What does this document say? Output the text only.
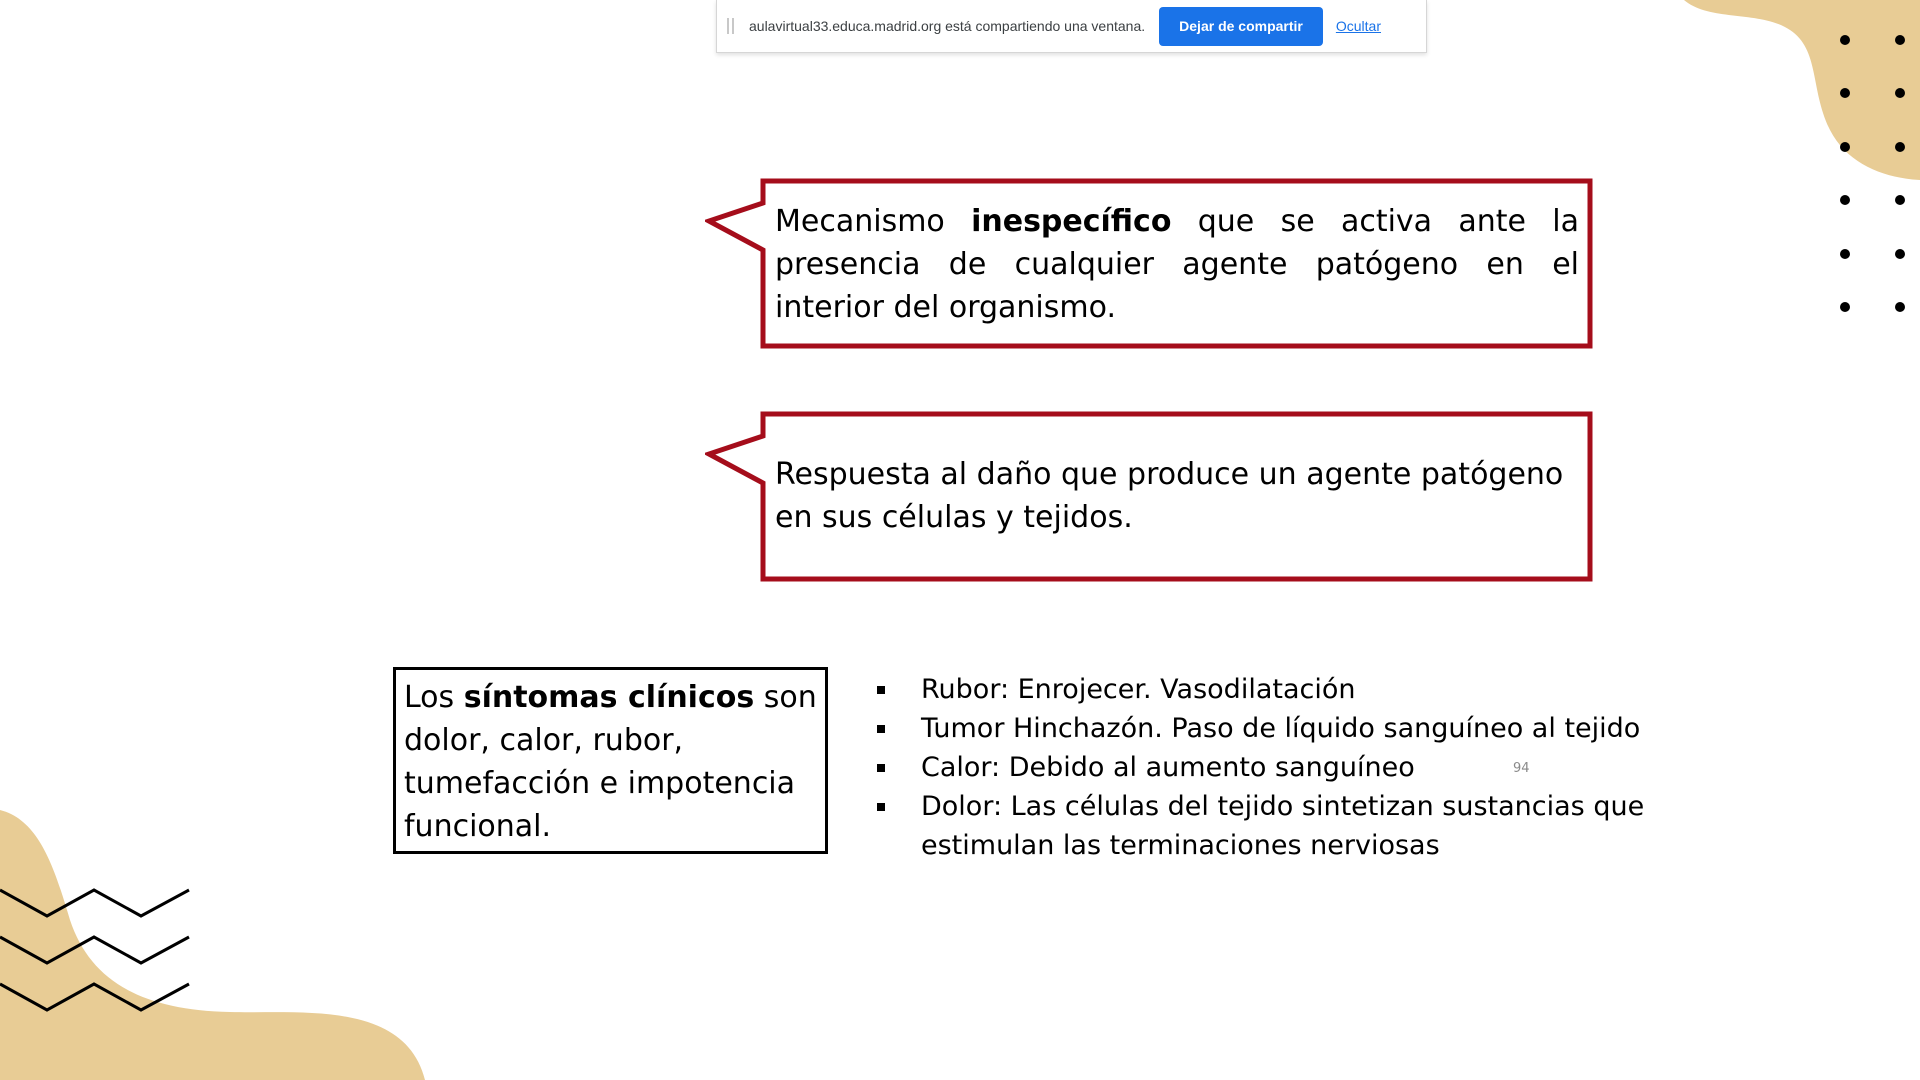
aulavirtual33.educa.madrid.org está compartiendo una ventana.	Dejar de compartir	Ocultar
Mecanismo inespecífico que se activa ante la presencia de cualquier agente patógeno en el interior del organismo.
Respuesta al daño que produce un agente patógeno en sus células y tejidos.
Los síntomas clínicos son dolor, calor, rubor, tumefacción e impotencia funcional.
Rubor: Enrojecer. Vasodilatación
Tumor Hinchazón. Paso de líquido sanguíneo al tejido
Calor: Debido al aumento sanguíneo
Dolor: Las células del tejido sintetizan sustancias que estimulan las terminaciones nerviosas
94
